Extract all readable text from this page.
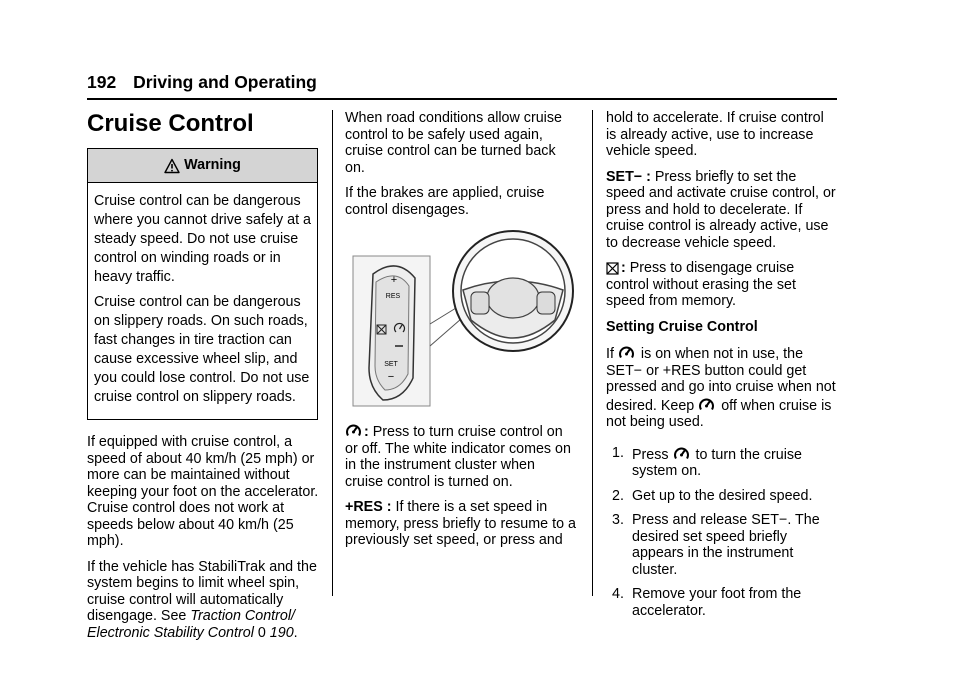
192 Driving and Operating
Cruise Control
Warning

Cruise control can be dangerous where you cannot drive safely at a steady speed. Do not use cruise control on winding roads or in heavy traffic.

Cruise control can be dangerous on slippery roads. On such roads, fast changes in tire traction can cause excessive wheel slip, and you could lose control. Do not use cruise control on slippery roads.

If equipped with cruise control, a speed of about 40 km/h (25 mph) or more can be maintained without keeping your foot on the accelerator. Cruise control does not work at speeds below about 40 km/h (25 mph).

If the vehicle has StabiliTrak and the system begins to limit wheel spin, cruise control will automatically disengage. See Traction Control/ Electronic Stability Control 0 190.

When road conditions allow cruise control to be safely used again, cruise control can be turned back on.

If the brakes are applied, cruise control disengages.

+
RES
SET
−

: Press to turn cruise control on or off. The white indicator comes on in the instrument cluster when cruise control is turned on.

+RES : If there is a set speed in memory, press briefly to resume to a previously set speed, or press and

hold to accelerate. If cruise control is already active, use to increase vehicle speed.

SET− : Press briefly to set the speed and activate cruise control, or press and hold to decelerate. If cruise control is already active, use to decrease vehicle speed.

: Press to disengage cruise control without erasing the set speed from memory.

Setting Cruise Control

If is on when not in use, the SET− or +RES button could get pressed and go into cruise when not desired. Keep off when cruise is not being used.

1. Press to turn the cruise system on.
2. Get up to the desired speed.
3. Press and release SET−. The desired set speed briefly appears in the instrument cluster.
4. Remove your foot from the accelerator.
